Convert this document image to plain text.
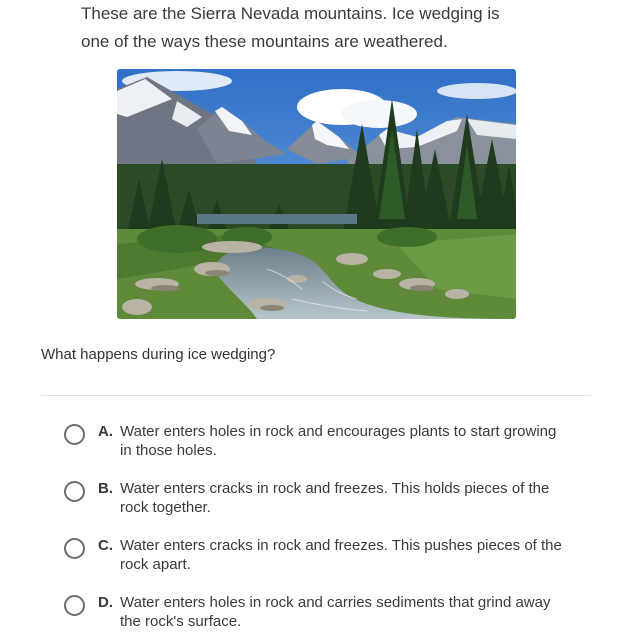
These are the Sierra Nevada mountains. Ice wedging is
one of the ways these mountains are weathered.

What happens during ice wedging?

A. Water enters holes in rock and encourages plants to start growing
in those holes.
B. Water enters cracks in rock and freezes. This holds pieces of the
rock together.
C. Water enters cracks in rock and freezes. This pushes pieces of the
rock apart.
D. Water enters holes in rock and carries sediments that grind away
the rock's surface.
